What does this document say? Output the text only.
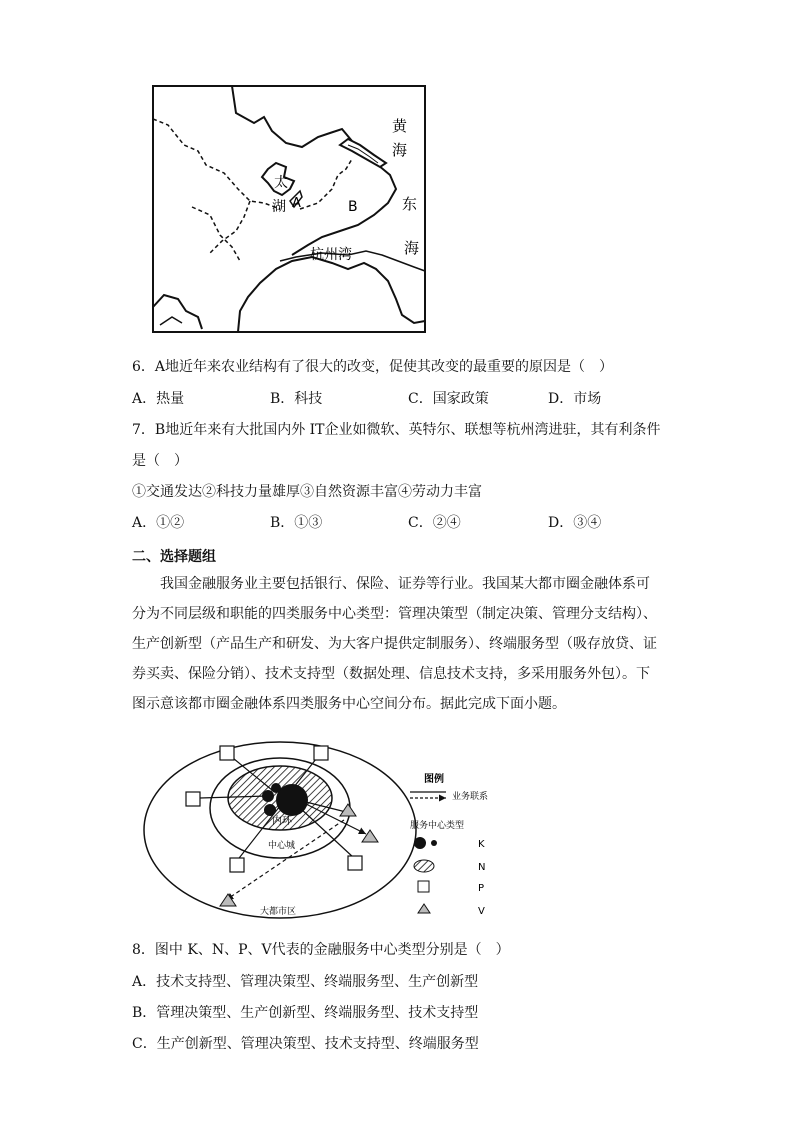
黄
海
太
湖 A	B	东
海
杭州湾
6．A地近年来农业结构有了很大的改变，促使其改变的最重要的原因是（　）
A．热量	B．科技	C．国家政策	D．市场
7．B地近年来有大批国内外 IT企业如微软、英特尔、联想等杭州湾进驻，其有利条件
是（　）
①交通发达②科技力量雄厚③自然资源丰富④劳动力丰富
A．①②	B．①③	C．②④	D．③④
二、选择题组

我国金融服务业主要包括银行、保险、证券等行业。我国某大都市圈金融体系可分为不同层级和职能的四类服务中心类型：管理决策型（制定决策、管理分支结构）、生产创新型（产品生产和研发、为大客户提供定制服务）、终端服务型（吸存放贷、证券买卖、保险分销）、技术支持型（数据处理、信息技术支持，多采用服务外包）。下图示意该都市圈金融体系四类服务中心空间分布。据此完成下面小题。

内环
中心城
大都市区
图例
业务联系
服务中心类型
K
N
P
V
8．图中 K、N、P、V代表的金融服务中心类型分别是（　）
A．技术支持型、管理决策型、终端服务型、生产创新型
B．管理决策型、生产创新型、终端服务型、技术支持型
C．生产创新型、管理决策型、技术支持型、终端服务型
